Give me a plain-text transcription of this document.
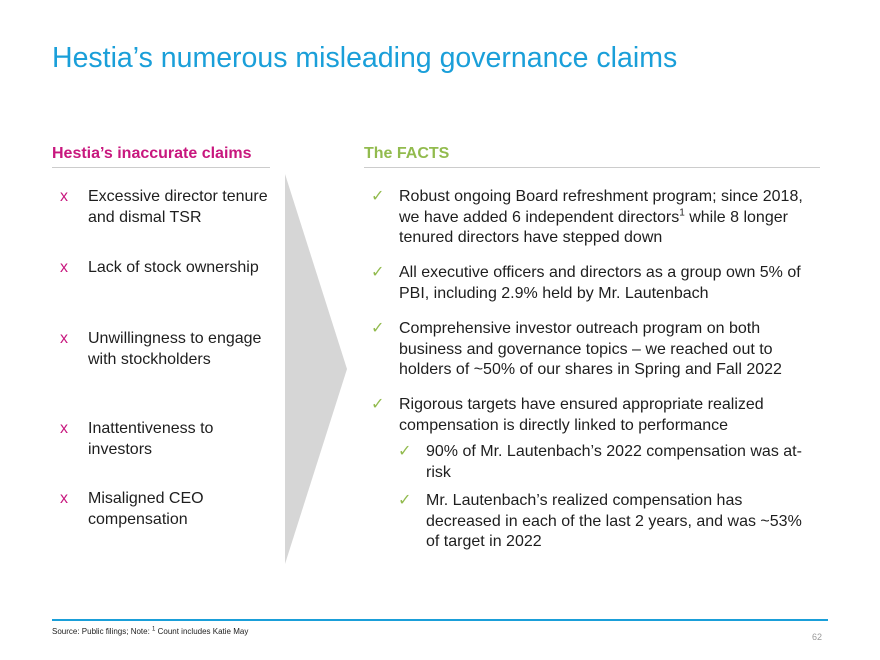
Hestia’s numerous misleading governance claims
Hestia’s inaccurate claims	The FACTS
x Excessive director tenure and dismal TSR
x Lack of stock ownership
x Unwillingness to engage with stockholders
x Inattentiveness to investors
x Misaligned CEO compensation
✓ Robust ongoing Board refreshment program; since 2018, we have added 6 independent directors$^1$ while 8 longer tenured directors have stepped down
✓ All executive officers and directors as a group own 5% of PBI, including 2.9% held by Mr. Lautenbach
✓ Comprehensive investor outreach program on both business and governance topics – we reached out to holders of ~50% of our shares in Spring and Fall 2022
✓ Rigorous targets have ensured appropriate realized compensation is directly linked to performance
✓ 90% of Mr. Lautenbach’s 2022 compensation was at-risk
✓ Mr. Lautenbach’s realized compensation has decreased in each of the last 2 years, and was ~53% of target in 2022
Source: Public filings; Note: $^1$ Count includes Katie May
62
